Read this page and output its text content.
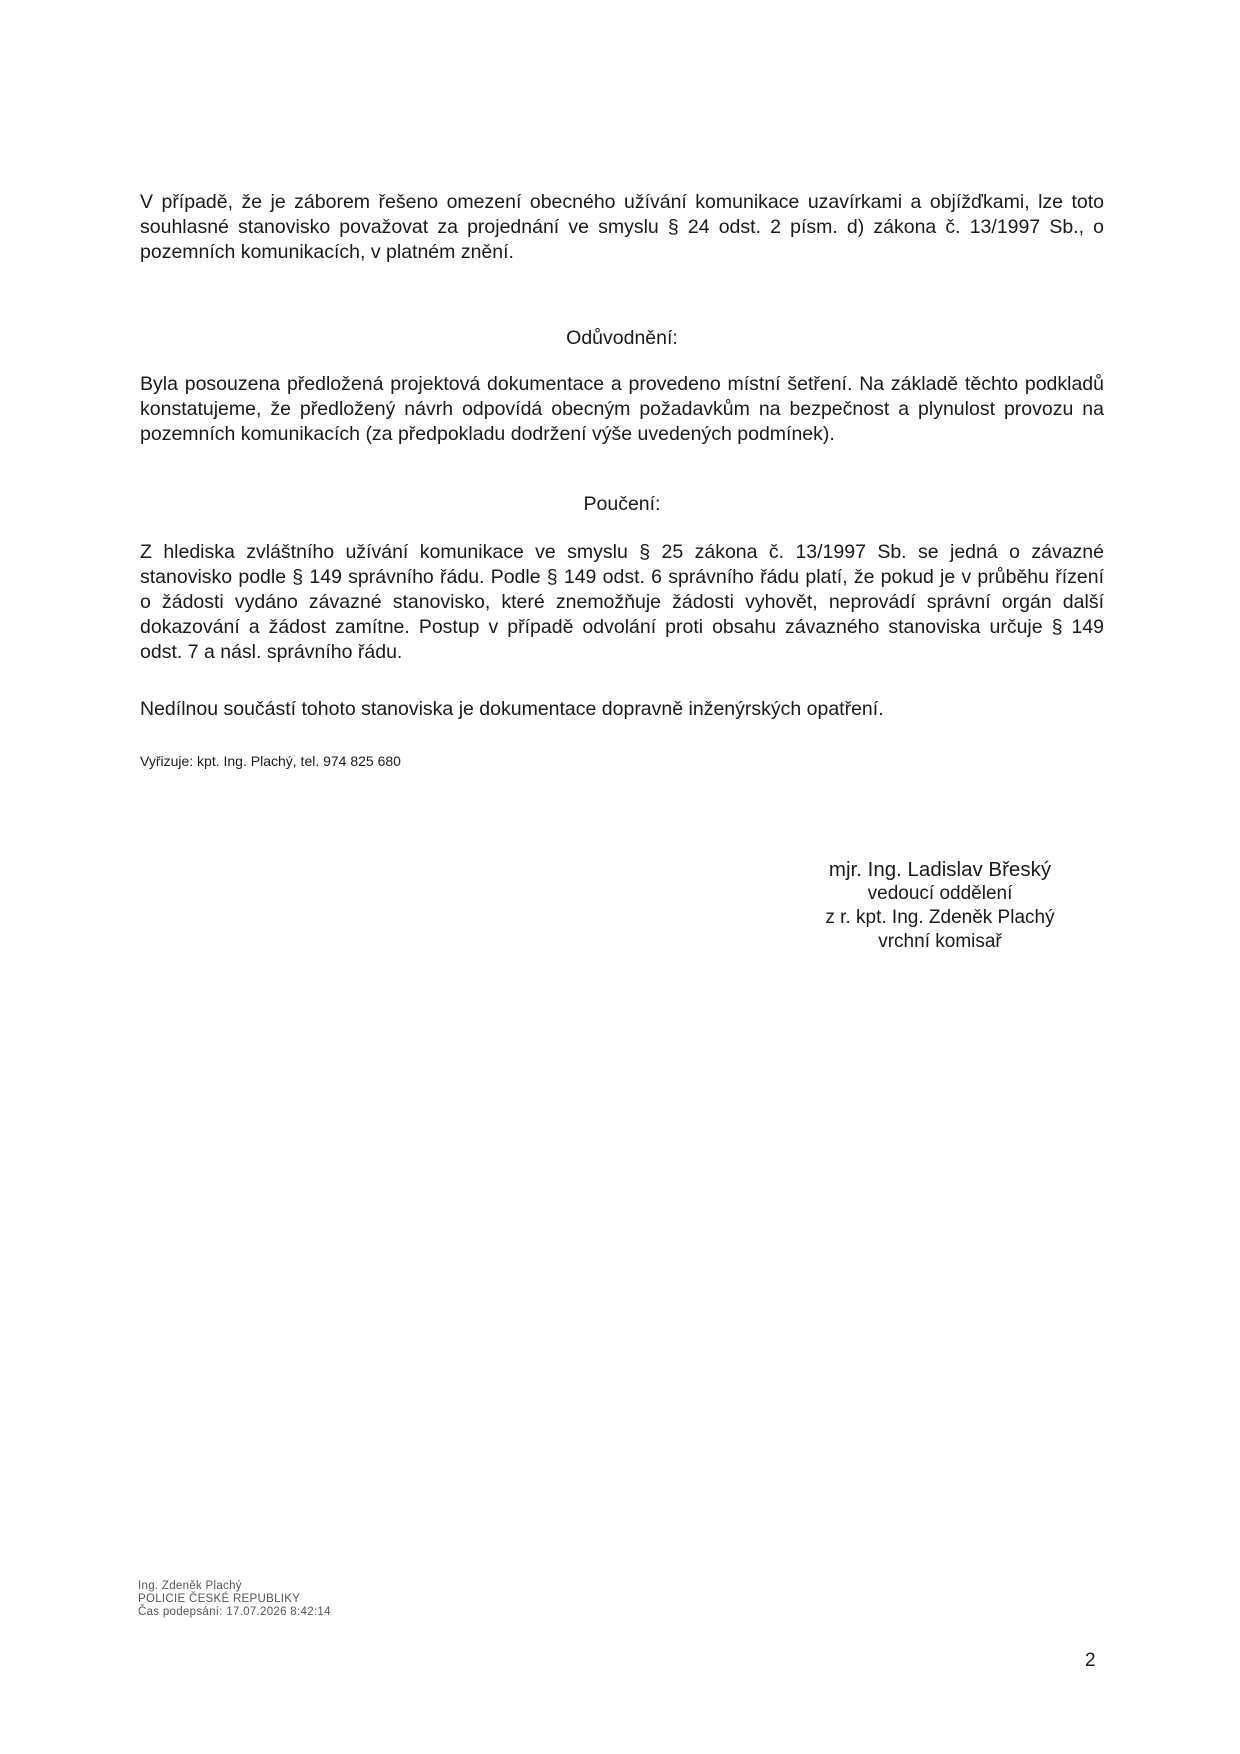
V případě, že je záborem řešeno omezení obecného užívání komunikace uzavírkami a objížďkami, lze toto
souhlasné stanovisko považovat za projednání ve smyslu § 24 odst. 2 písm. d) zákona č. 13/1997 Sb., o
pozemních komunikacích, v platném znění.
Odůvodnění:
Byla posouzena předložená projektová dokumentace a provedeno místní šetření. Na základě těchto podkladů
konstatujeme, že předložený návrh odpovídá obecným požadavkům na bezpečnost a plynulost provozu na
pozemních komunikacích (za předpokladu dodržení výše uvedených podmínek).
Poučení:
Z hlediska zvláštního užívání komunikace ve smyslu § 25 zákona č. 13/1997 Sb. se jedná o závazné
stanovisko podle § 149 správního řádu. Podle § 149 odst. 6 správního řádu platí, že pokud je v průběhu řízení
o žádosti vydáno závazné stanovisko, které znemožňuje žádosti vyhovět, neprovádí správní orgán další
dokazování a žádost zamítne. Postup v případě odvolání proti obsahu závazného stanoviska určuje § 149
odst. 7 a násl. správního řádu.
Nedílnou součástí tohoto stanoviska je dokumentace dopravně inženýrských opatření.
Vyřizuje: kpt. Ing. Plachý, tel. 974 825 680
mjr. Ing. Ladislav Břeský
vedoucí oddělení
z r. kpt. Ing. Zdeněk Plachý
vrchní komisař
Ing. Zdeněk Plachý
POLICIE ČESKÉ REPUBLIKY
Čas podepsání: 17.07.2026 8:42:14
2
